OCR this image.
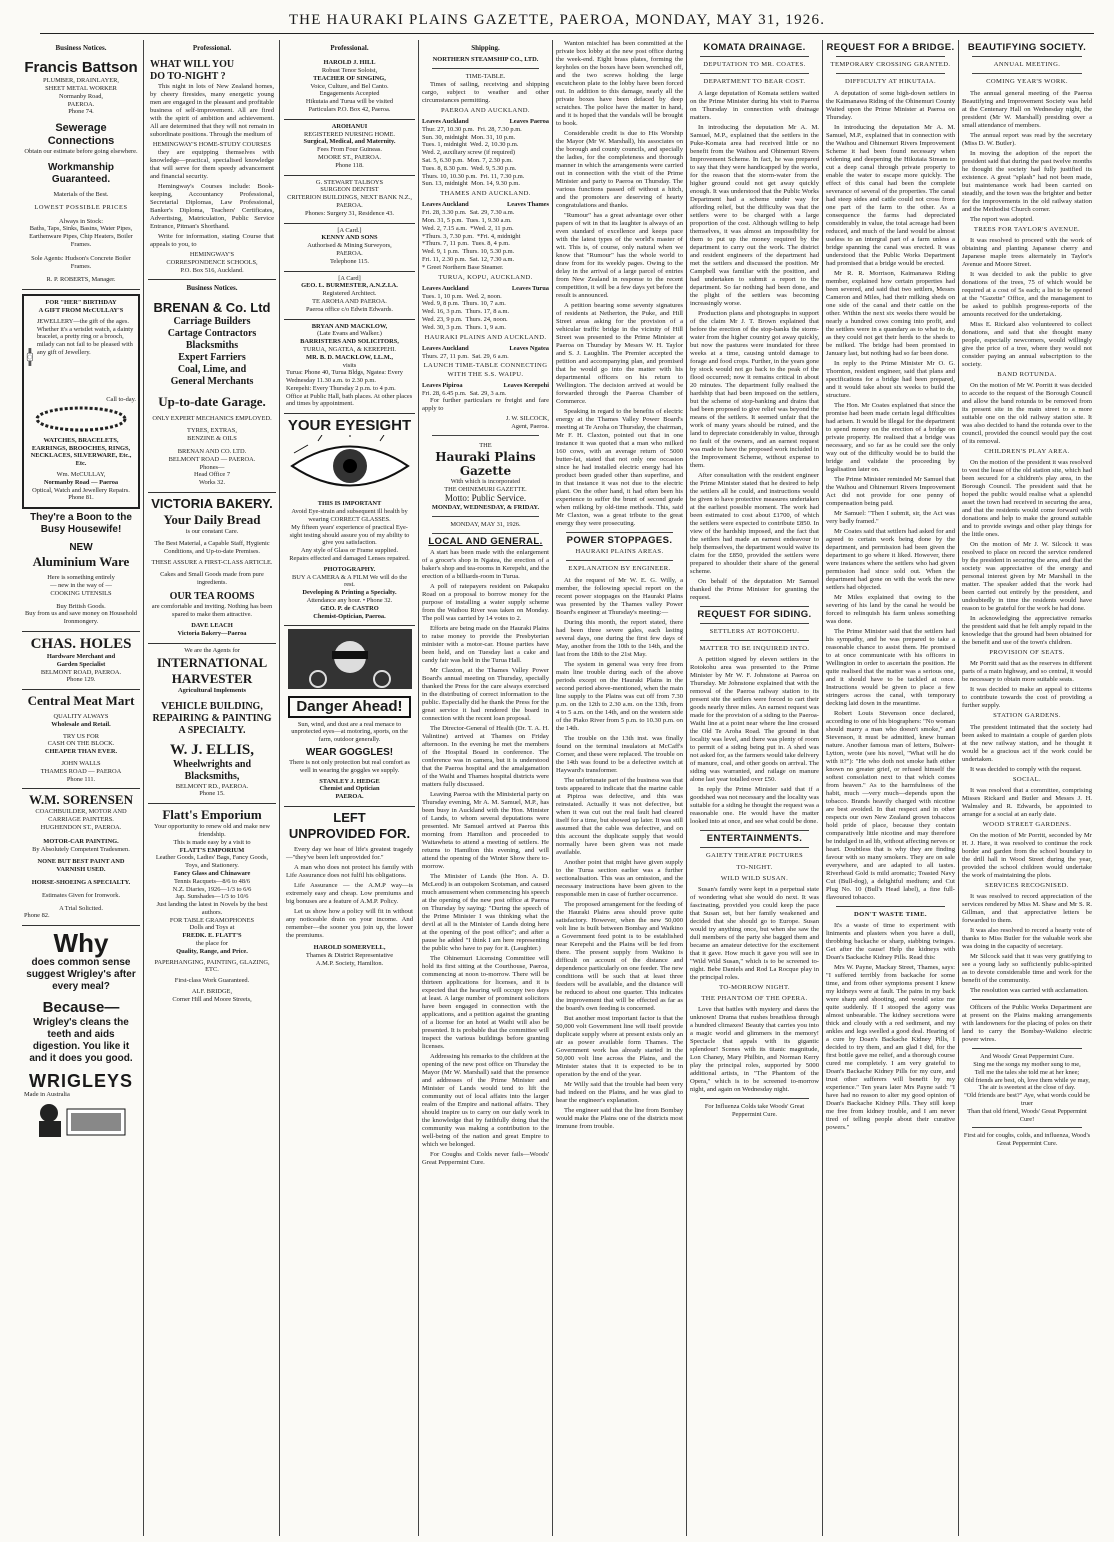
THE HAURAKI PLAINS GAZETTE, PAEROA, MONDAY, MAY 31, 1926.
Business Notices.
Francis Battson
PLUMBER, DRAINLAYER,
SHEET METAL WORKER
Normanby Road,
PAEROA.
Phone 74.
Sewerage Connections
Obtain our estimate before going elsewhere.
Workmanship Guaranteed.
Materials of the Best.
LOWEST POSSIBLE PRICES
Always in Stock:
Baths, Taps, Sinks, Basins, Water Pipes, Earthenware Pipes, Chip Heaters, Boiler Frames.
Sole Agents: Hudson's Concrete Boiler Frames.
R. P. ROBERTS, Manager.
FOR "HER" BIRTHDAY
A GIFT FROM McCULLAY'S
JEWELLERY—the gift of the ages. Whether it's a wristlet watch, a dainty bracelet, a pretty ring or a brooch, milady can not fail to be pleased with any gift of Jewellery.
Call to-day.
WATCHES, BRACELETS, EARRINGS, BROOCHES, RINGS, NECKLACES, SILVERWARE, Etc., Etc.
Wm. McCULLAY,
Normanby Road — Paeroa
Optical, Watch and Jewellery Repairs.
Phone 81.
They're a Boon to the
Busy Housewife!
NEW
Aluminium Ware
Here is something entirely
— new in the way of —
COOKING UTENSILS
Buy British Goods.
Buy from us and save money on Household Ironmongery.
CHAS. HOLES
Hardware Merchant and
Garden Specialist
BELMONT ROAD, PAEROA.
Phone 129.
Central Meat Mart
QUALITY ALWAYS
Wholesale and Retail.
TRY US FOR
CASH ON THE BLOCK.
CHEAPER THAN EVER.
JOHN WALLS
THAMES ROAD — PAEROA
Phone 111.
W.M. SORENSEN
COACHBUILDER, MOTOR AND
CARRIAGE PAINTERS.
HUGHENDON ST., PAEROA.
MOTOR-CAR PAINTING.
By Absolutely Competent Tradesmen.
NONE BUT BEST PAINT AND VARNISH USED.
HORSE-SHOEING A SPECIALTY.
Estimates Given for Ironwork.
A Trial Solicited.
Phone 82.
Why
does common sense suggest Wrigley's after every meal?
Because—
Wrigley's cleans the teeth and aids digestion. You like it and it does you good.
WRIGLEYS
Made in Australia
Professional.
WHAT WILL YOU
DO TO-NIGHT ?
This night in lots of New Zealand homes, by cheery firesides, many energetic young men are engaged in the pleasant and profitable business of self-improvement. All are fired with the spirit of ambition and achievement. All are determined that they will not remain in subordinate positions. Through the medium of
HEMINGWAY'S HOME-STUDY COURSES
they are equipping themselves with knowledge—practical, specialised knowledge that will serve for them speedy advancement and financial security.
Hemingway's Courses include: Book-keeping, Accountancy Professional, Secretarial Diplomas, Law Professional, Banker's Diploma, Teachers' Certificates, Advertising, Matriculation, Public Service Entrance, Pitman's Shorthand.
Write for information, stating Course that appeals to you, to
HEMINGWAY'S
CORRESPONDENCE SCHOOLS,
P.O. Box 516, Auckland.
Business Notices.
BRENAN & Co. Ltd
Carriage Builders
Cartage Contractors
Blacksmiths
Expert Farriers
Coal, Lime, and
General Merchants
Up-to-date Garage.
ONLY EXPERT MECHANICS EMPLOYED.
TYRES, EXTRAS,
BENZINE & OILS
BRENAN AND CO. LTD.
BELMONT ROAD — PAEROA.
Phones—
Head Office 7
Works 32.
VICTORIA BAKERY.
Your Daily Bread
is our constant Care.
The Best Material, a Capable Staff, Hygienic Conditions, and Up-to-date Premises.
THESE ASSURE A FIRST-CLASS ARTICLE.
Cakes and Small Goods made from pure ingredients.
OUR TEA ROOMS
are comfortable and inviting. Nothing has been spared to make them attractive.
DAVE LEACH
Victoria Bakery—Paeroa
We are the Agents for
INTERNATIONAL
HARVESTER
Agricultural Implements
VEHICLE BUILDING, REPAIRING & PAINTING A SPECIALTY.
W. J. ELLIS,
Wheelwrights and
Blacksmiths,
BELMONT RD., PAEROA.
Phone 15.
Flatt's Emporium
Your opportunity to renew old and make new friendship.
This is made easy by a visit to
FLATT'S EMPORIUM
Leather Goods, Ladies' Bags, Fancy Goods, Toys, and Stationery.
Fancy Glass and Chinaware
Tennis Racquets—8/6 to 48/6
N.Z. Diaries, 1926—1/3 to 6/6
Jap. Sunshades—1/3 to 10/6
Just landing the latest in Novels by the best authors.
FOR TABLE GRAMOPHONES
Dolls and Toys at
FREDK. E. FLATT'S
the place for
Quality, Range, and Price.
PAPERHANGING, PAINTING, GLAZING, ETC.
First-class Work Guaranteed.
ALF. BRIDGE,
Corner Hill and Moore Streets,
Professional.
HAROLD J. HILL
Robust Tenor Soloist,
TEACHER OF SINGING,
Voice, Culture, and Bel Canto.
Engagements Accepted
Hikutaia and Turua will be visited
Particulars P.O. Box 42, Paeroa.
AROHANUI
REGISTERED NURSING HOME.
Surgical, Medical, and Maternity.
Fees From Four Guineas.
MOORE ST., PAEROA.
Phone 118.
G. STEWART TALBOYS
SURGEON DENTIST
CRITERION BUILDINGS, NEXT BANK N.Z.,
PAEROA.
Phones: Surgery 31, Residence 43.
[A Card.]
KENNY AND SONS
Authorised & Mining Surveyors,
PAEROA.
Telephone 115.
[A Card]
GEO. L. BURMESTER, A.N.Z.I.A.
Registered Architect.
TE AROHA AND PAEROA.
Paeroa office c/o Edwin Edwards.
BRYAN AND MACKLOW,
(Late Evans and Walker.)
BARRISTERS AND SOLICITORS,
TURUA, NGATEA, & KEREPEHI.
MR. B. D. MACKLOW, LL.M.,
visits
Turua: Phone 40, Turua Bldgs, Ngatea: Every Wednesday 11.30 a.m. to 2.30 p.m.
Kerepehi: Every Thursday 2 p.m. to 4 p.m.
Office at Public Hall, bath places. At other places and times by appointment.
YOUR EYESIGHT
THIS IS IMPORTANT
Avoid Eye-strain and subsequent ill health by wearing CORRECT GLASSES.
My fifteen years' experience of practical Eye-sight testing should assure you of my ability to give you satisfaction.
Any style of Glass or Frame supplied.
Repairs effected and damaged Lenses repaired.
PHOTOGRAPHY.
BUY A CAMERA & A FILM We will do the rest.
Developing & Printing a Specialty.
Attendance any hour. • Phone 32.
GEO. P. de CASTRO
Chemist-Optician, Paeroa.
Danger Ahead!
Sun, wind, and dust are a real menace to unprotected eyes—at motoring, sports, on the farm, outdoor generally.
WEAR GOGGLES!
There is not only protection but real comfort as well in wearing the goggles we supply.
STANLEY J. HEDGE
Chemist and Optician
PAEROA.
LEFT
UNPROVIDED FOR.
Every day we hear of life's greatest tragedy—"they've been left unprovided for."
A man who does not protect his family with Life Assurance does not fulfil his obligations.
Life Assurance — the A.M.P way—is extremely easy and cheap. Low premiums and big bonuses are a feature of A.M.P. Policy.
Let us show how a policy will fit in without any noticeable drain on your income. And remember—the sooner you join up, the lower the premiums.
HAROLD SOMERVELL,
Thames & District Representative
A.M.P. Society, Hamilton.
Shipping.
NORTHERN STEAMSHIP CO., LTD.
TIME-TABLE.
Times of sailing, receiving and shipping cargo, subject to weather and other circumstances permitting.
PAEROA AND AUCKLAND.
Leaves Auckland	Leaves Paeroa
Thur. 27, 10.30 p.m.  Fri. 28, 7.30 p.m.
Sun. 30, midnight  Mon. 31, 10 p.m.
Tues. 1, midnight  Wed. 2, 10.30 p.m.
Wed. 2, auxiliary screw (if required)
Sat. 5, 6.30 p.m.  Mon. 7, 2.30 p.m.
Tues. 8, 8.30 p.m.  Wed. 9, 5.30 p.m.
Thurs. 10, 10.30 p.m.  Fri. 11, 7.30 p.m.
Sun. 13, midnight  Mon. 14, 9.30 p.m.
THAMES AND AUCKLAND.
Leaves Auckland	Leaves Thames
Fri. 28, 3.30 p.m.  Sat. 29, 7.30 a.m.
Mon. 31, 5 p.m.  Tues. 1, 9.30 a.m.
Wed. 2, 7.15 a.m.  *Wed. 2, 11 p.m.
*Thurs. 3, 7.30 p.m.  *Fri. 4, midnight
*Thurs. 7, 11 p.m.  Tues. 8, 4 p.m.
Wed. 9, 1 p.m.  Thurs. 10, 5.30 p.m.
Fri. 11, 2.30 p.m.  Sat. 12, 7.30 a.m.
* Greet Northern Base Steamer.
TURUA, KOPU, AUCKLAND.
Leaves Auckland	Leaves Turua
Tues. 1, 10 p.m.  Wed. 2, noon.
Wed. 9, 8 p.m.  Thurs. 10, 7 a.m.
Wed. 16, 3 p.m.  Thurs. 17, 8 a.m.
Wed. 23, 9 p.m.  Thurs. 24, noon.
Wed. 30, 3 p.m.  Thurs. 1, 9 a.m.
HAURAKI PLAINS AND AUCKLAND.
Leaves Auckland	Leaves Ngatea
Thurs. 27, 11 p.m.  Sat. 29, 6 a.m.
LAUNCH TIME-TABLE CONNECTING WITH THE S.S. WAIPU.
Leaves Pipiroa	Leaves Kerepehi
Fri. 28, 6.45 p.m.  Sat. 29, 3 a.m.
For further particulars re freight and fare apply to
J. W. SILCOCK,
Agent, Paeroa.
THE
Hauraki Plains Gazette
With which is incorporated
THE OHINEMURI GAZETTE.
Motto: Public Service.
MONDAY, WEDNESDAY, & FRIDAY.
MONDAY, MAY 31, 1926.
LOCAL AND GENERAL.
A start has been made with the enlargement of a grocer's shop in Ngatea, the erection of a baker's shop and tea-rooms in Kerepehi, and the erection of a billiards-room in Turua.
A poll of ratepayers resident on Pakapaku Road on a proposal to borrow money for the purpose of installing a water supply scheme from the Waihou River was taken on Monday. The poll was carried by 14 votes to 2.
Efforts are being made on the Hauraki Plains to raise money to provide the Presbyterian minister with a motor-car. House parties have been held, and on Tuesday last a cake and candy fair was held in the Turua Hall.
Mr Claxton, at the Thames Valley Power Board's annual meeting on Thursday, specially thanked the Press for the care always exercised in the distributing of correct information to the public. Especially did he thank the Press for the great service it had rendered the board in connection with the recent loan proposal.
The Director-General of Health (Dr. T. A. H. Valintine) arrived at Thames on Friday afternoon. In the evening he met the members of the Hospital Board in conference. The conference was in camera, but it is understood that the Paeroa hospital and the amalgamation of the Waihi and Thames hospital districts were matters fully discussed.
Leaving Paeroa with the Ministerial party on Thursday evening, Mr A. M. Samuel, M.P., has been busy in Auckland with the Hon. Minister of Lands, to whom several deputations were presented. Mr Samuel arrived at Paeroa this morning from Hamilton and proceeded to Waitawheta to attend a meeting of settlers. He returns to Hamilton this evening, and will attend the opening of the Winter Show there to-morrow.
The Minister of Lands (the Hon. A. D. McLeod) is an outspoken Scotsman, and caused much amusement when commencing his speech at the opening of the new post office at Paeroa on Thursday by saying: "During the speech of the Prime Minister I was thinking what the devil at all is the Minister of Lands doing here at the opening of the post office"; and after a pause he added "I think I am here representing the public who have to pay for it. (Laughter.)
The Ohinemuri Licensing Committee will hold its first sitting at the Courthouse, Paeroa, commencing at noon to-morrow. There will be thirteen applications for licenses, and it is expected that the hearing will occupy two days at least. A large number of prominent solicitors have been engaged in connection with the applications, and a petition against the granting of a license for an hotel at Waihi will also be presented. It is probable that the committee will inspect the various buildings before granting licenses.
Addressing his remarks to the children at the opening of the new post office on Thursday the Mayor (Mr W. Marshall) said that the presence and addresses of the Prime Minister and Minister of Lands would tend to lift the community out of local affairs into the larger realm of the Empire and national affairs. They should inspire us to carry on our daily work in the knowledge that by faithfully doing that the community was making a contribution to the well-being of the nation and great Empire to which we belonged.
For Coughs and Colds never fails—Woods' Great Peppermint Cure.
Wanton mischief has been committed at the private box lobby at the new post office during the week-end. Eight brass plates, forming the keyholes on the boxes have been wrenched off, and the two screws holding the large escutcheon plate to the lobby have been forced out. In addition to this damage, nearly all the private boxes have been defaced by deep scratches. The police have the matter in hand, and it is hoped that the vandals will be brought to book.
Considerable credit is due to His Worship the Mayor (Mr W. Marshall), his associates on the borough and county councils, and specially the ladies, for the completeness and thorough manner in which the arrangements were carried out in connection with the visit of the Prime Minister and party to Paeroa on Thursday. The various functions passed off without a hitch, and the promoters are deserving of hearty congratulations and thanks.
"Rumour" has a great advantage over other papers of wit in that its laughter is always of an even standard of excellence and keeps pace with the latest types of the world's master of wit. This is, of course, only natural when we know that "Rumour" has the whole world to draw from for its weekly pages. Owing to the delay in the arrival of a large parcel of entries from New Zealand in response to the recent competition, it will be a few days yet before the result is announced.
A petition bearing some seventy signatures of residents at Netherton, the Puke, and Hill Street areas asking for the provision of a vehicular traffic bridge in the vicinity of Hill Street was presented to the Prime Minister at Paeroa on Thursday by Messrs W. H. Taylor and S. J. Laughlin. The Premier accepted the petition and accompanying plan, and promised that he would go into the matter with his departmental officers on his return to Wellington. The decision arrived at would be forwarded through the Paeroa Chamber of Commerce.
Speaking in regard to the benefits of electric energy at the Thames Valley Power Board's meeting at Te Aroha on Thursday, the chairman, Mr F. H. Claxton, pointed out that in one instance it was quoted that a man who milked 160 cows, with an average return of 5000 butter-fat, stated that not only one occasion since he had installed electric energy had his product been graded other than superfine, and in that instance it was not due to the electric plant. On the other hand, it had often been his experience to suffer the brunt of second grade when milking by old-time methods. This, said Mr Claxton, was a great tribute to the great energy they were prosecuting.
POWER STOPPAGES.
HAURAKI PLAINS AREAS.
EXPLANATION BY ENGINEER.
At the request of Mr W. E. G. Willy, a member, the following special report on the recent power stoppages on the Hauraki Plains was presented by the Thames valley Power Board's engineer at Thursday's meeting:—
During this month, the report stated, there had been three severe gales, each lasting several days, one during the first few days of May, another from the 10th to the 14th, and the last from the 18th to the 21st May.
The system in general was very free from main line trouble during each of the above periods except on the Hauraki Plains in the second period above-mentioned, when the main line supply to the Plains was cut off from 7.30 p.m. on the 12th to 2.30 a.m. on the 13th, from 4 to 5 a.m. on the 14th, and on the western side of the Piako River from 5 p.m. to 10.30 p.m. on the 14th.
The trouble on the 13th inst. was finally found on the terminal insulators at McCaff's Corner, and these were replaced. The trouble on the 14th was found to be a defective switch at Hayward's transformer.
The unfortunate part of the business was that tests appeared to indicate that the marine cable at Pipiroa was defective, and this was reinstated. Actually it was not defective, but when it was cut out the real fault had cleared itself for a time, but showed up later. It was still assumed that the cable was defective, and on this account the duplicate supply that would normally have been given was not made available.
Another point that might have given supply to the Turua section earlier was a further sectionalisation. This was an omission, and the necessary instructions have been given to the responsible men in case of further occurrence.
The proposed arrangement for the feeding of the Hauraki Plains area should prove quite satisfactory. However, when the new 50,000 volt line is built between Bombay and Waikino a Government feed point is to be established near Kerepehi and the Plains will be fed from there. The present supply from Waikino is difficult on account of the distance and dependence particularly on one feeder. The new conditions will be such that at least three feeders will be available, and the distance will be reduced to about one quarter. This indicates the improvement that will be effected as far as the board's own feeding is concerned.
But another most important factor is that the 50,000 volt Government line will itself provide duplicate supply where at present exists only an air as power available form Thames. The Government work has already started in the 50,000 volt line across the Plains, and the Minister states that it is expected to be in operation by the end of the year.
Mr Willy said that the trouble had been very bad indeed on the Plains, and he was glad to hear the engineer's explanation.
The engineer said that the line from Bombay would make the Plains one of the districts most immune from trouble.
KOMATA DRAINAGE.
DEPUTATION TO MR. COATES.
DEPARTMENT TO BEAR COST.
A large deputation of Komata settlers waited on the Prime Minister during his visit to Paeroa on Thursday in connection with drainage matters.
In introducing the deputation Mr A. M. Samuel, M.P., explained that the settlers in the Puke-Komata area had received little or no benefit from the Waihou and Ohinemuri Rivers Improvement Scheme. In fact, he was prepared to say that they were handicapped by the works, for the reason that the storm-water from the higher ground could not get away quickly enough. It was understood that the Public Works Department had a scheme under way for affording relief, but the difficulty was that the settlers were to be charged with a large proportion of the cost. Although willing to help themselves, it was almost an impossibility for them to put up the money required by the department to carry out the work. The district and resident engineers of the department had met the settlers and discussed the position. Mr Campbell was familiar with the position, and had undertaken to submit a report to the department. So far nothing had been done, and the plight of the settlers was becoming increasingly worse.
Production plans and photographs in support of the claim Mr J. T. Brown explained that before the erection of the stop-banks the storm-water from the higher country got away quickly, but now the pastures were inundated for three weeks at a time, causing untold damage to forage and food crops. Further, in the years gone by stock would not go back to the peak of the flood occurred; now it remains critical in about 20 minutes. The department fully realised the hardship that had been imposed on the settlers, but the scheme of stop-banking and drains that had been proposed to give relief was beyond the means of the settlers. It seemed unfair that the work of many years should be ruined, and the land to depreciate considerably in value, through no fault of the owners, and an earnest request was made to have the proposed work included in the Improvement Scheme, without expense to them.
After consultation with the resident engineer the Prime Minister stated that he desired to help the settlers all he could, and instructions would be given to have protective measures undertaken at the earliest possible moment. The work had been estimated to cost about £1700, of which the settlers were expected to contribute £850. In view of the hardship imposed, and the fact that the settlers had made an earnest endeavour to help themselves, the department would waive its claim for the £850, provided the settlers were prepared to shoulder their share of the general scheme.
On behalf of the deputation Mr Samuel thanked the Prime Minister for granting the request.
REQUEST FOR SIDING.
SETTLERS AT ROTOKOHU.
MATTER TO BE INQUIRED INTO.
A petition signed by eleven settlers in the Rotokohu area was presented to the Prime Minister by Mr W. F. Johnstone at Paeroa on Thursday. Mr Johnstone explained that with the removal of the Paeroa railway station to its present site the settlers were forced to cart their goods nearly three miles. An earnest request was made for the provision of a siding to the Paeroa-Waihi line at a point near where the line crossed the Old Te Aroha Road. The ground in that locality was level, and there was plenty of room to permit of a siding being put in. A shed was not asked for, as the farmers would take delivery of manure, coal, and other goods on arrival. The siding was warranted, and railage on manure alone last year totalled over £50.
In reply the Prime Minister said that if a goodshed was not necessary and the locality was suitable for a siding he thought the request was a reasonable one. He would have the matter looked into at once, and see what could be done.
ENTERTAINMENTS.
GAIETY THEATRE PICTURES
TO-NIGHT.
WILD WILD SUSAN.
Susan's family were kept in a perpetual state of wondering what she would do next. It was fascinating, provided you could keep the pace that Susan set, but her family weakened and decided that she should go to Europe. Susan would try anything once, but when she saw the dull members of the party she bagged them and became an amateur detective for the excitement that it gave. How much it gave you will see in "Wild Wild Susan," which is to be screened to-night. Bebe Daniels and Rod La Rocque play in the principal roles.
TO-MORROW NIGHT.
THE PHANTOM OF THE OPERA.
Love that battles with mystery and dares the unknown! Drama that rushes breathless through a hundred climaxes! Beauty that carries you into a magic world and glimmers in the memory! Spectacle that appals with its gigantic splendour! Scenes with its titanic magnitude, Lon Chaney, Mary Philbin, and Norman Kerry play the principal roles, supported by 5000 additional artists, in "The Phantom of the Opera," which is to be screened to-morrow night, and again on Wednesday night.
For Influenza Colds take Woods' Great Peppermint Cure.
REQUEST FOR A BRIDGE.
TEMPORARY CROSSING GRANTED.
DIFFICULTY AT HIKUTAIA.
A deputation of some high-down settlers in the Kaimanawa Riding of the Ohinemuri County Waited upon the Prime Minister at Paeroa on Thursday.
In introducing the deputation Mr A. M. Samuel, M.P., explained that in connection with the Waihou and Ohinemuri Rivers Improvement Scheme it had been found necessary when widening and deepening the Hikutaia Stream to cut a deep canal through private property to enable the water to escape more quickly. The effect of this canal had been the complete severance of several of the properties. The canal had steep sides and cattle could not cross from one part of the farm to the other. As a consequence the farms had depreciated considerably in value, the total acreage had been reduced, and much of the land would be almost useless to an intergral part of a farm unless a bridge spanning the canal was erected. It was understood that the Public Works Department had promised that a bridge would be erected.
Mr R. R. Morrison, Kaimanawa Riding member, explained how certain properties had been severed, and said that two settlers, Messrs Cameron and Miles, had their milking sheds on one side of the canal and their cattle on the other. Within the next six weeks there would be nearly a hundred cows coming into profit, and the settlers were in a quandary as to what to do, as they could not get their herds to the sheds to be milked. The bridge had been promised in January last, but nothing had so far been done.
In reply to the Prime Minister Mr O. G. Thornton, resident engineer, said that plans and specifications for a bridge had been prepared, and it would take about six weeks to build the structure.
The Hon. Mr Coates explained that since the promise had been made certain legal difficulties had arisen. It would be illegal for the department to spend money on the erection of a bridge on private property. He realised that a bridge was necessary, and so far as he could see the only way out of the difficulty would be to build the bridge and validate the proceeding by legalisation later on.
The Prime Minister reminded Mr Samuel that the Waihou and Ohinemuri Rivers Improvement Act did not provide for one penny of compensation being paid.
Mr Samuel: "Then I submit, sir, the Act was very badly framed."
Mr Coates said that settlers had asked for and agreed to certain work being done by the department, and permission had been given the department to go where it liked. However, there were instances where the settlers who had given permission had since sold out. When the department had gone on with the work the new settlers had objected.
Mr Miles explained that owing to the severing of his land by the canal he would be forced to relinquish his farm unless something was done.
The Prime Minister said that the settlers had his sympathy, and he was prepared to take a reasonable chance to assist them. He promised to at once communicate with his officers in Wellington in order to ascertain the position. He quite realised that the matter was a serious one, and it should have to be tackled at once. Instructions would be given to place a few stringers across the canal, with temporary decking laid down in the meantime.
Robert Louis Stevenson once declared, according to one of his biographers: "No woman should marry a man who doesn't smoke," and Stevenson, it must be admitted, knew human nature. Another famous man of letters, Bulwer-Lytton, wrote (see his novel, "What will he do with it?"): "He who doth not smoke hath either known no greater grief, or refused himself the softest consolation next to that which comes from heaven." As to the harmfulness of the habit, much —very much—depends upon the tobacco. Brands heavily charged with nicotine are best avoided. In that respect and in other respects our own New Zealand grown tobaccos hold pride of place, because they contain comparatively little nicotine and may therefore be indulged in ad lib, without affecting nerves or heart. Doubtless that is why they are finding favour with so many smokers. They are on sale everywhere, and are adapted to all tastes. Riverhead Gold is mild aromatic; Toasted Navy Cut (Bull-dog), a delightful medium; and Cut Plug No. 10 (Bull's Head label), a fine full-flavoured tobacco.
DON'T WASTE TIME.
It's a waste of time to experiment with liniments and plasters when you have a dull, throbbing backache or sharp, stabbing twinges. Get after the cause! Help the kidneys with Doan's Backache Kidney Pills. Read this:
Mrs W. Payne, Mackay Street, Thames, says: "I suffered terribly from backache for some time, and from other symptoms present I knew my kidneys were at fault. The pains in my back were sharp and shooting, and would seize me quite suddenly. If I stooped the agony was almost unbearable. The kidney secretions were thick and cloudy with a red sediment, and my ankles and legs swelled a good deal. Hearing of a cure by Doan's Backache Kidney Pills, I decided to try them, and am glad I did, for the first bottle gave me relief, and a thorough course cured me completely. I am very grateful to Doan's Backache Kidney Pills for my cure, and trust other sufferers will benefit by my experience." Ten years later Mrs Payne said: "I have had no reason to alter my good opinion of Doan's Backache Kidney Pills. They still keep me free from kidney trouble, and I am never tired of telling people about their curative powers."
BEAUTIFYING SOCIETY.
ANNUAL MEETING.
COMING YEAR'S WORK.
The annual general meeting of the Paeroa Beautifying and Improvement Society was held at the Centenary Hall on Wednesday night, the president (Mr W. Marshall) presiding over a small attendance of members.
The annual report was read by the secretary (Miss D. W. Butler).
In moving the adoption of the report the president said that during the past twelve months he thought the society had fully justified its existence. A great "splash" had not been made, but maintenance work had been carried on steadily, and the town was the brighter and better for the improvements in the old railway station and the Methodist Church corner.
The report was adopted.
TREES FOR TAYLOR'S AVENUE.
It was resolved to proceed with the work of obtaining and planting Japanese cherry and Japanese maple trees alternately in Taylor's Avenue and Moore Street.
It was decided to ask the public to give donations of the trees, 75 of which would be required at a cost of 5s each; a list to be opened at the "Gazette" Office, and the management to be asked to publish progress-reports of the amounts received for the undertaking.
Miss E. Rickard also volunteered to collect donations, and said that she thought many people, especially newcomers, would willingly give the price of a tree, where they would not consider paying an annual subscription to the society.
BAND ROTUNDA.
On the motion of Mr W. Porritt it was decided to accede to the request of the Borough Council and allow the band rotunda to be removed from its present site in the main street to a more suitable one on the old railway station site. It was also decided to hand the rotunda over to the council, provided the council would pay the cost of its removal.
CHILDREN'S PLAY AREA.
On the motion of the president it was resolved to vest the lease of the old station site, which had been secured for a children's play area, in the Borough Council. The president said that he hoped the public would realise what a splendid asset the town had received in securing the area, and that the residents would come forward with donations and help to make the ground suitable and to provide swings and other play things for the little ones.
On the motion of Mr J. W. Silcock it was resolved to place on record the service rendered by the president in securing the area, and that the society was appreciative of the energy and personal interest given by Mr Marshall in the matter. The speaker added that the work had been carried out entirely by the president, and undoubtedly in time the residents would have reason to be grateful for the work he had done.
In acknowledging the appreciative remarks the president said that he felt amply repaid in the knowledge that the ground had been obtained for the benefit and use of the town's children.
PROVISION OF SEATS.
Mr Porritt said that as the reserves in different parts of a main highway, and so central, it would be necessary to obtain more suitable seats.
It was decided to make an appeal to citizens to contribute towards the cost of providing a further supply.
STATION GARDENS.
The president intimated that the society had been asked to maintain a couple of garden plots at the new railway station, and he thought it would be a gracious act if the work could be undertaken.
It was decided to comply with the request.
SOCIAL.
It was resolved that a committee, comprising Misses Rickard and Butler and Messrs J. H. Walmsley and R. Edwards, be appointed to arrange for a social at an early date.
WOOD STREET GARDENS.
On the motion of Mr Porritt, seconded by Mr H. J. Hare, it was resolved to continue the rock border and garden from the school boundary to the drill hall in Wood Street during the year, provided the school children would undertake the work of maintaining the plots.
SERVICES RECOGNISED.
It was resolved to record appreciation of the services rendered by Miss M. Shaw and Mr S. R. Gillman, and that appreciative letters be forwarded to them.
It was also resolved to record a hearty vote of thanks to Miss Butler for the valuable work she was doing in the capacity of secretary.
Mr Silcock said that it was very gratifying to see a young lady so sufficiently public-spirited as to devote considerable time and work for the benefit of the community.
The resolution was carried with acclamation.
Officers of the Public Works Department are at present on the Plains making arrangements with landowners for the placing of poles on their land to carry the Bombay-Waikino electric power wires.
And Woods' Great Peppermint Cure.
Sing me the songs my mother sung to me,
Tell me the tales she told me at her knee;
Old friends are best, oh, love them while ye may,
The air is sweetest at the close of day.
"Old friends are best?" Aye, what words could be truer
Than that old friend, Woods' Great Peppermint Cure!
First aid for coughs, colds, and influenza, Wood's Great Peppermint Cure.
